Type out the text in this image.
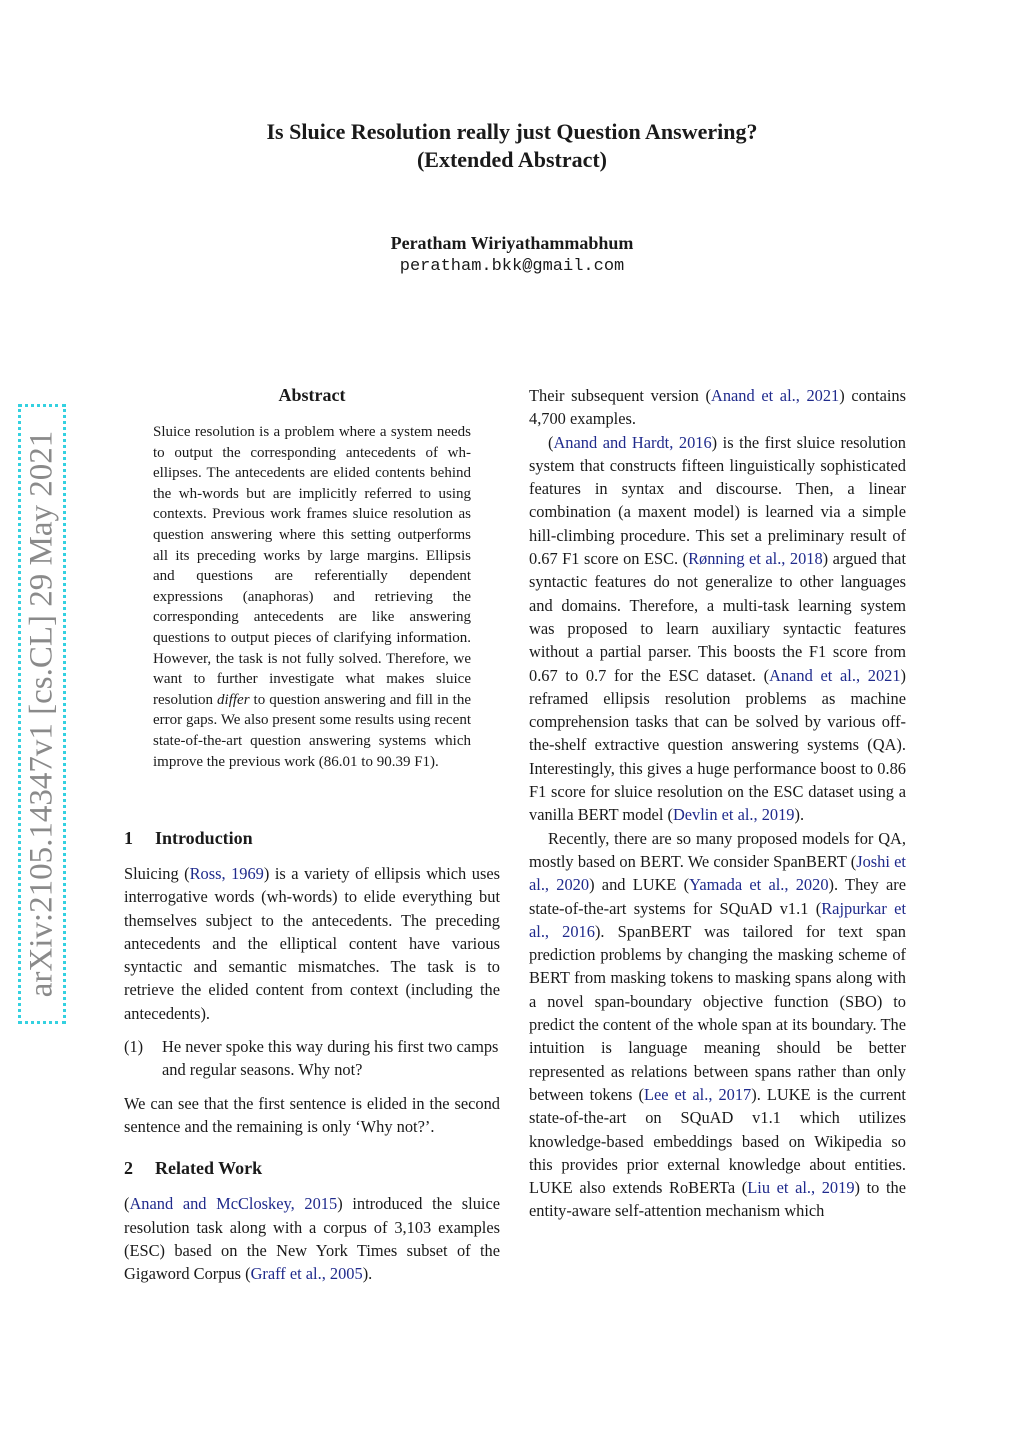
Is Sluice Resolution really just Question Answering?
(Extended Abstract)
Peratham Wiriyathammabhum
peratham.bkk@gmail.com
arXiv:2105.14347v1 [cs.CL] 29 May 2021
Abstract

Sluice resolution is a problem where a system needs to output the corresponding antecedents of wh-ellipses. The antecedents are elided contents behind the wh-words but are implicitly referred to using contexts. Previous work frames sluice resolution as question answering where this setting outperforms all its preceding works by large margins. Ellipsis and questions are referentially dependent expressions (anaphoras) and retrieving the corresponding antecedents are like answering questions to output pieces of clarifying information. However, the task is not fully solved. Therefore, we want to further investigate what makes sluice resolution differ to question answering and fill in the error gaps. We also present some results using recent state-of-the-art question answering systems which improve the previous work (86.01 to 90.39 F1).

1 Introduction

Sluicing (Ross, 1969) is a variety of ellipsis which uses interrogative words (wh-words) to elide everything but themselves subject to the antecedents. The preceding antecedents and the elliptical content have various syntactic and semantic mismatches. The task is to retrieve the elided content from context (including the antecedents).

(1)	He never spoke this way during his first two camps and regular seasons. Why not?

We can see that the first sentence is elided in the second sentence and the remaining is only ‘Why not?’.

2 Related Work

(Anand and McCloskey, 2015) introduced the sluice resolution task along with a corpus of 3,103 examples (ESC) based on the New York Times subset of the Gigaword Corpus (Graff et al., 2005).

Their subsequent version (Anand et al., 2021) contains 4,700 examples.

(Anand and Hardt, 2016) is the first sluice resolution system that constructs fifteen linguistically sophisticated features in syntax and discourse. Then, a linear combination (a maxent model) is learned via a simple hill-climbing procedure. This set a preliminary result of 0.67 F1 score on ESC. (Rønning et al., 2018) argued that syntactic features do not generalize to other languages and domains. Therefore, a multi-task learning system was proposed to learn auxiliary syntactic features without a partial parser. This boosts the F1 score from 0.67 to 0.7 for the ESC dataset. (Anand et al., 2021) reframed ellipsis resolution problems as machine comprehension tasks that can be solved by various off-the-shelf extractive question answering systems (QA). Interestingly, this gives a huge performance boost to 0.86 F1 score for sluice resolution on the ESC dataset using a vanilla BERT model (Devlin et al., 2019).

Recently, there are so many proposed models for QA, mostly based on BERT. We consider SpanBERT (Joshi et al., 2020) and LUKE (Yamada et al., 2020). They are state-of-the-art systems for SQuAD v1.1 (Rajpurkar et al., 2016). SpanBERT was tailored for text span prediction problems by changing the masking scheme of BERT from masking tokens to masking spans along with a novel span-boundary objective function (SBO) to predict the content of the whole span at its boundary. The intuition is language meaning should be better represented as relations between spans rather than only between tokens (Lee et al., 2017). LUKE is the current state-of-the-art on SQuAD v1.1 which utilizes knowledge-based embeddings based on Wikipedia so this provides prior external knowledge about entities. LUKE also extends RoBERTa (Liu et al., 2019) to the entity-aware self-attention mechanism which
